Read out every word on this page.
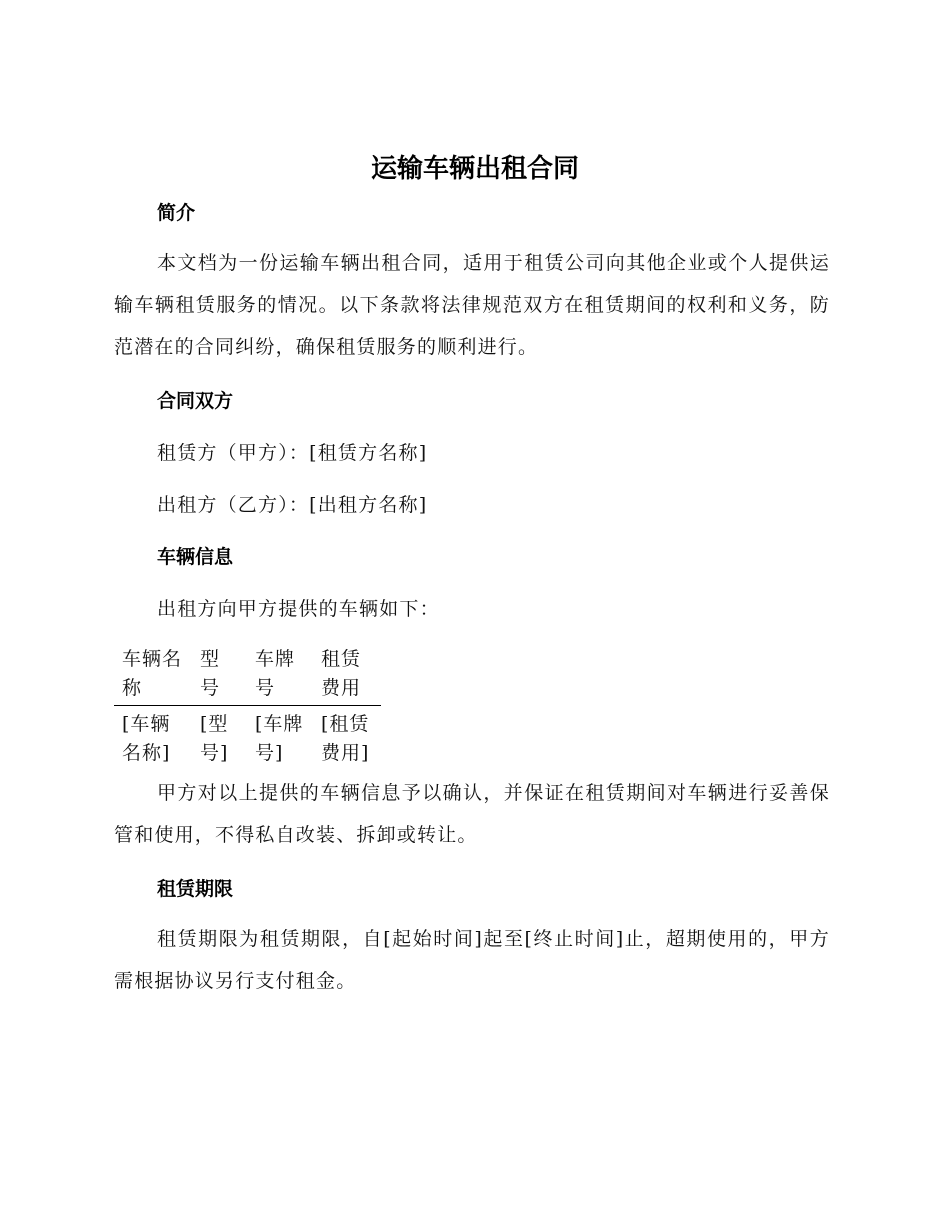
运输车辆出租合同
简介
本文档为一份运输车辆出租合同，适用于租赁公司向其他企业或个人提供运输车辆租赁服务的情况。以下条款将法律规范双方在租赁期间的权利和义务，防范潜在的合同纠纷，确保租赁服务的顺利进行。
合同双方
租赁方（甲方）：[租赁方名称]
出租方（乙方）：[出租方名称]
车辆信息
出租方向甲方提供的车辆如下：
车辆名称	型号	车牌号	租赁费用
[车辆名称]	[型号]	[车牌号]	[租赁费用]
甲方对以上提供的车辆信息予以确认，并保证在租赁期间对车辆进行妥善保管和使用，不得私自改装、拆卸或转让。
租赁期限
租赁期限为租赁期限，自[起始时间]起至[终止时间]止，超期使用的，甲方需根据协议另行支付租金。
